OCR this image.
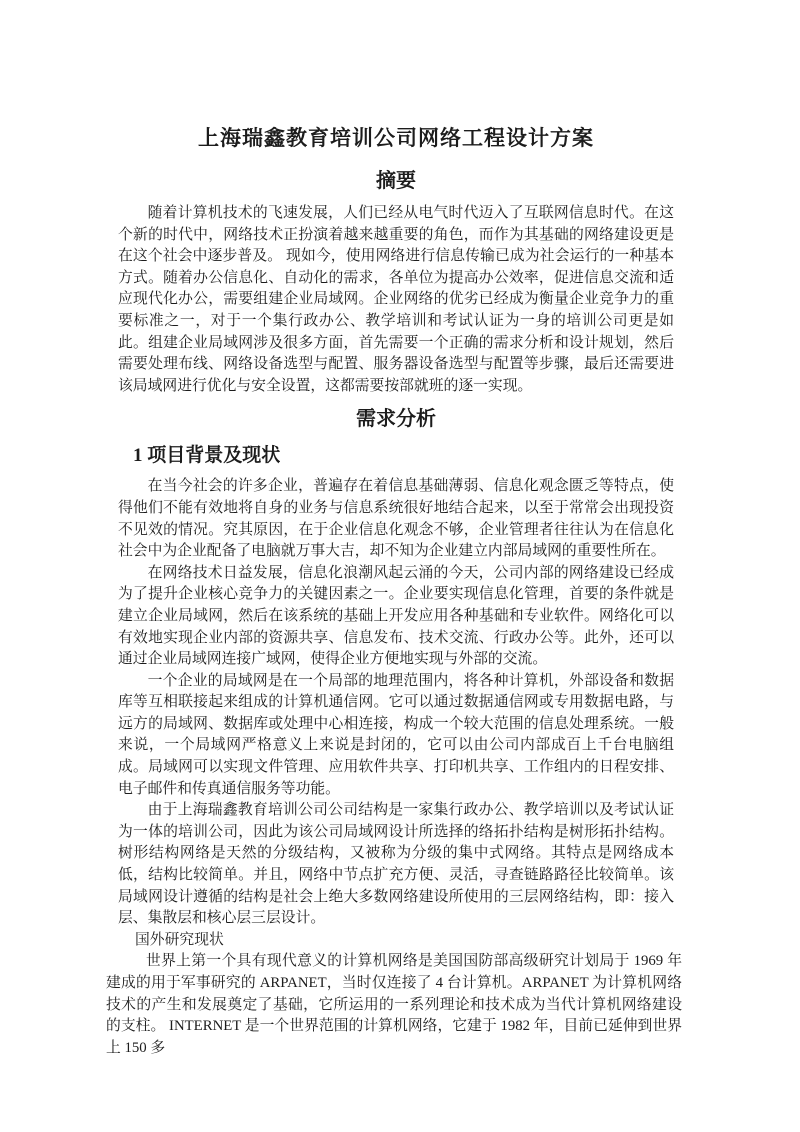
上海瑞鑫教育培训公司网络工程设计方案
摘要

随着计算机技术的飞速发展，人们已经从电气时代迈入了互联网信息时代。在这个新的时代中，网络技术正扮演着越来越重要的角色，而作为其基础的网络建设更是在这个社会中逐步普及。 现如今，使用网络进行信息传输已成为社会运行的一种基本方式。随着办公信息化、自动化的需求，各单位为提高办公效率，促进信息交流和适应现代化办公，需要组建企业局域网。企业网络的优劣已经成为衡量企业竞争力的重要标准之一，对于一个集行政办公、教学培训和考试认证为一身的培训公司更是如此。组建企业局域网涉及很多方面，首先需要一个正确的需求分析和设计规划，然后需要处理布线、网络设备选型与配置、服务器设备选型与配置等步骤，最后还需要进该局域网进行优化与安全设置，这都需要按部就班的逐一实现。

需求分析
1 项目背景及现状

在当今社会的许多企业，普遍存在着信息基础薄弱、信息化观念匮乏等特点，使得他们不能有效地将自身的业务与信息系统很好地结合起来，以至于常常会出现投资不见效的情况。究其原因，在于企业信息化观念不够，企业管理者往往认为在信息化社会中为企业配备了电脑就万事大吉，却不知为企业建立内部局域网的重要性所在。

在网络技术日益发展，信息化浪潮风起云涌的今天，公司内部的网络建设已经成为了提升企业核心竞争力的关键因素之一。企业要实现信息化管理，首要的条件就是建立企业局域网，然后在该系统的基础上开发应用各种基础和专业软件。网络化可以有效地实现企业内部的资源共享、信息发布、技术交流、行政办公等。此外，还可以通过企业局域网连接广域网，使得企业方便地实现与外部的交流。

一个企业的局域网是在一个局部的地理范围内，将各种计算机，外部设备和数据库等互相联接起来组成的计算机通信网。它可以通过数据通信网或专用数据电路，与远方的局域网、数据库或处理中心相连接，构成一个较大范围的信息处理系统。一般来说，一个局域网严格意义上来说是封闭的，它可以由公司内部成百上千台电脑组成。局域网可以实现文件管理、应用软件共享、打印机共享、工作组内的日程安排、电子邮件和传真通信服务等功能。

由于上海瑞鑫教育培训公司公司结构是一家集行政办公、教学培训以及考试认证为一体的培训公司，因此为该公司局域网设计所选择的络拓扑结构是树形拓扑结构。树形结构网络是天然的分级结构，又被称为分级的集中式网络。其特点是网络成本低，结构比较简单。并且，网络中节点扩充方便、灵活，寻查链路路径比较简单。该局域网设计遵循的结构是社会上绝大多数网络建设所使用的三层网络结构，即：接入层、集散层和核心层三层设计。

国外研究现状

世界上第一个具有现代意义的计算机网络是美国国防部高级研究计划局于 1969 年建成的用于军事研究的 ARPANET，当时仅连接了 4 台计算机。ARPANET 为计算机网络技术的产生和发展奠定了基础，它所运用的一系列理论和技术成为当代计算机网络建设的支柱。 INTERNET 是一个世界范围的计算机网络，它建于 1982 年，目前已延伸到世界上 150 多
